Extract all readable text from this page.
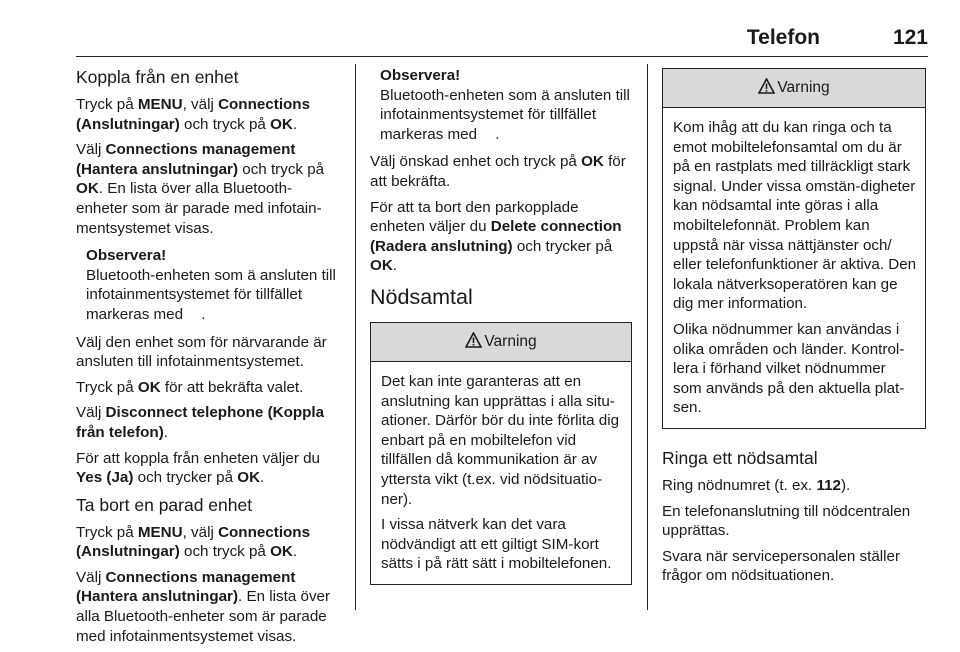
Telefon	121
Koppla från en enhet

Tryck på MENU, välj Connections (Anslutningar) och tryck på OK.

Välj Connections management (Hantera anslutningar) och tryck på OK. En lista över alla Bluetooth-enheter som är parade med infotain-mentsystemet visas.

Observera!
Bluetooth-enheten som ä ansluten till infotainmentsystemet för tillfället markeras med .

Välj den enhet som för närvarande är ansluten till infotainmentsystemet.

Tryck på OK för att bekräfta valet.

Välj Disconnect telephone (Koppla från telefon).

För att koppla från enheten väljer du Yes (Ja) och trycker på OK.

Ta bort en parad enhet

Tryck på MENU, välj Connections (Anslutningar) och tryck på OK.

Välj Connections management (Hantera anslutningar). En lista över alla Bluetooth-enheter som är parade med infotainmentsystemet visas.

Observera!
Bluetooth-enheten som ä ansluten till infotainmentsystemet för tillfället markeras med .

Välj önskad enhet och tryck på OK för att bekräfta.

För att ta bort den parkopplade enheten väljer du Delete connection (Radera anslutning) och trycker på OK.

Nödsamtal
Varning

Det kan inte garanteras att en anslutning kan upprättas i alla situ-ationer. Därför bör du inte förlita dig enbart på en mobiltelefon vid tillfällen då kommunikation är av yttersta vikt (t.ex. vid nödsituatio-ner).

I vissa nätverk kan det vara nödvändigt att ett giltigt SIM-kort sätts i på rätt sätt i mobiltelefonen.

Varning

Kom ihåg att du kan ringa och ta emot mobiltelefonsamtal om du är på en rastplats med tillräckligt stark signal. Under vissa omstän-digheter kan nödsamtal inte göras i alla mobiltelefonnät. Problem kan uppstå när vissa nättjänster och/ eller telefonfunktioner är aktiva. Den lokala nätverksoperatören kan ge dig mer information.

Olika nödnummer kan användas i olika områden och länder. Kontrol-lera i förhand vilket nödnummer som används på den aktuella plat-sen.

Ringa ett nödsamtal

Ring nödnumret (t. ex. 112).

En telefonanslutning till nödcentralen upprättas.

Svara när servicepersonalen ställer frågor om nödsituationen.
